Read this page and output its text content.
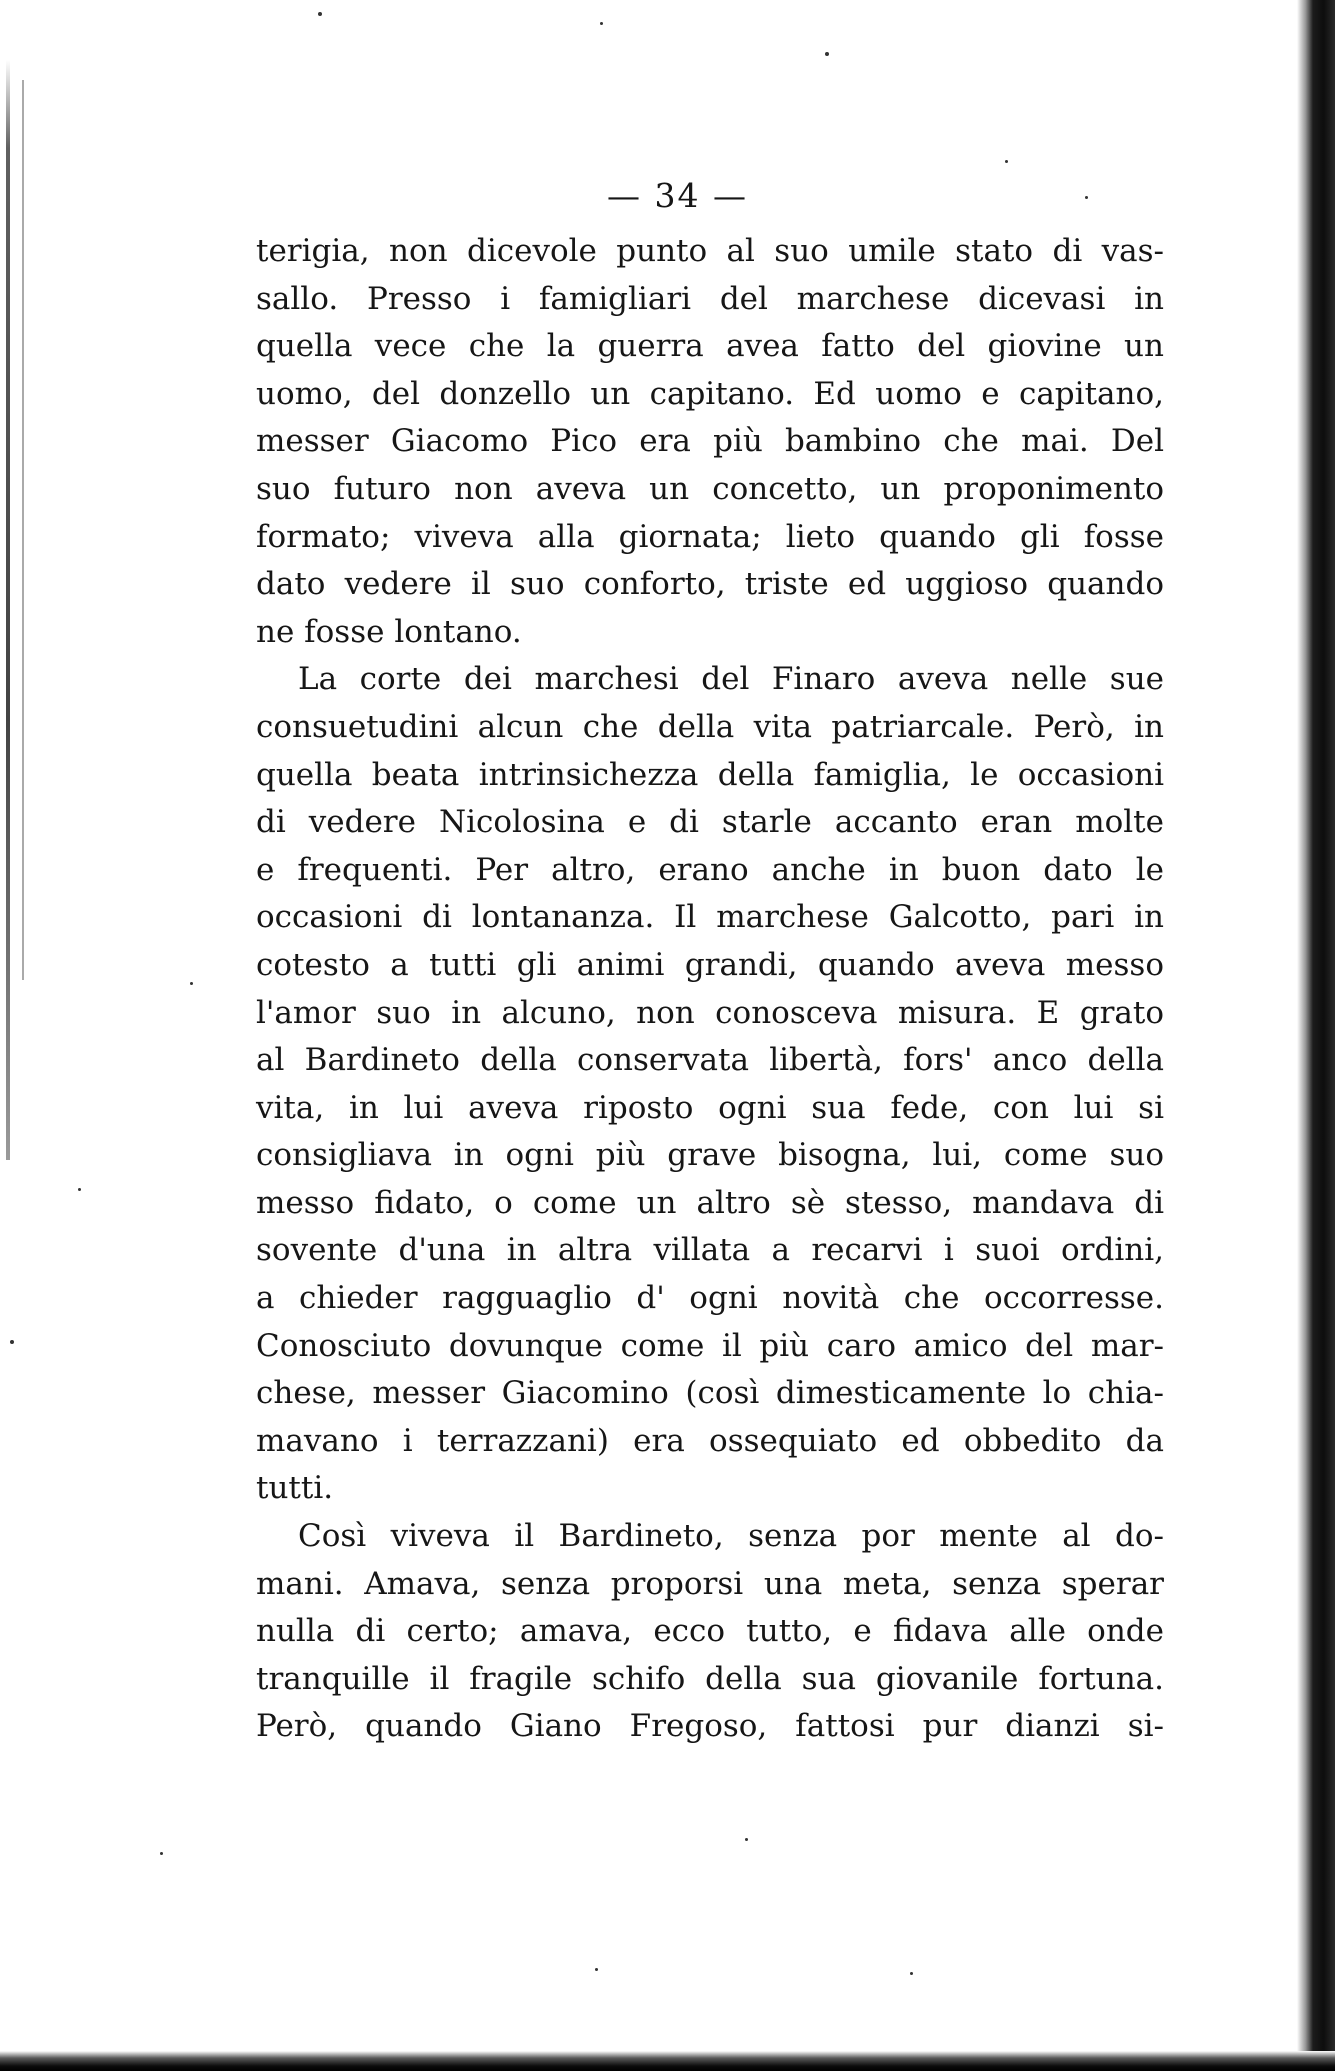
— 34 —
terigia, non dicevole punto al suo umile stato di vas-
sallo. Presso i famigliari del marchese dicevasi in
quella vece che la guerra avea fatto del giovine un
uomo, del donzello un capitano. Ed uomo e capitano,
messer Giacomo Pico era più bambino che mai. Del
suo futuro non aveva un concetto, un proponimento
formato; viveva alla giornata; lieto quando gli fosse
dato vedere il suo conforto, triste ed uggioso quando
ne fosse lontano.
La corte dei marchesi del Finaro aveva nelle sue
consuetudini alcun che della vita patriarcale. Però, in
quella beata intrinsichezza della famiglia, le occasioni
di vedere Nicolosina e di starle accanto eran molte
e frequenti. Per altro, erano anche in buon dato le
occasioni di lontananza. Il marchese Galcotto, pari in
cotesto a tutti gli animi grandi, quando aveva messo
l'amor suo in alcuno, non conosceva misura. E grato
al Bardineto della conservata libertà, fors' anco della
vita, in lui aveva riposto ogni sua fede, con lui si
consigliava in ogni più grave bisogna, lui, come suo
messo fidato, o come un altro sè stesso, mandava di
sovente d'una in altra villata a recarvi i suoi ordini,
a chieder ragguaglio d' ogni novità che occorresse.
Conosciuto dovunque come il più caro amico del mar-
chese, messer Giacomino (così dimesticamente lo chia-
mavano i terrazzani) era ossequiato ed obbedito da
tutti.
Così viveva il Bardineto, senza por mente al do-
mani. Amava, senza proporsi una meta, senza sperar
nulla di certo; amava, ecco tutto, e fidava alle onde
tranquille il fragile schifo della sua giovanile fortuna.
Però, quando Giano Fregoso, fattosi pur dianzi si-
